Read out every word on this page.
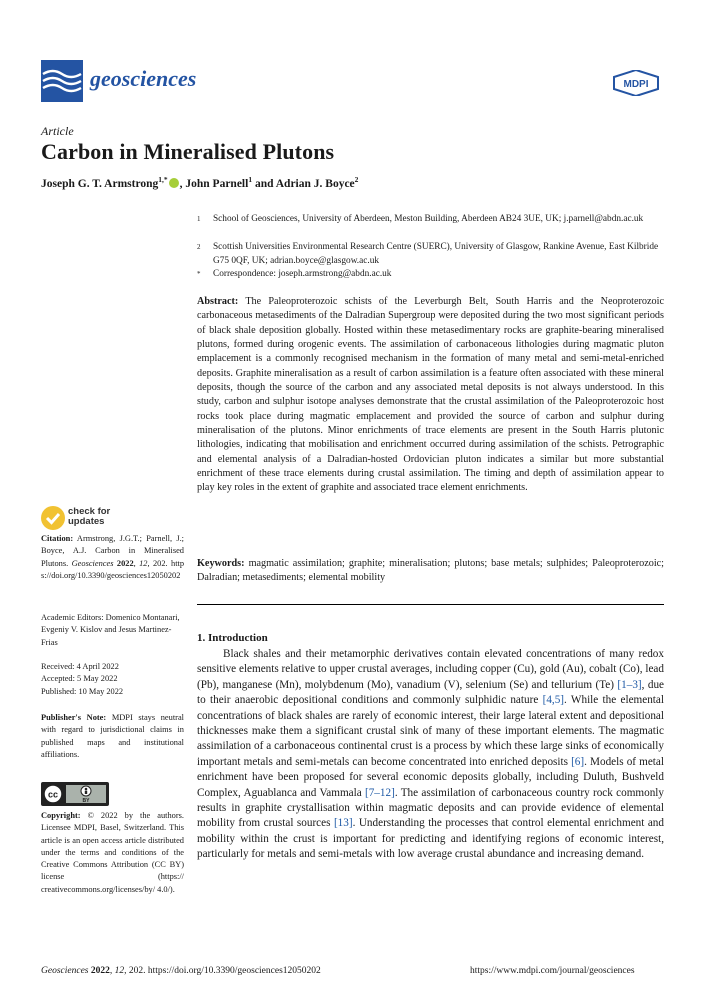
geosciences	MDPI
Article
Carbon in Mineralised Plutons
Joseph G. T. Armstrong$^{1,*}$ , John Parnell$^1$ and Adrian J. Boyce$^2$
1 School of Geosciences, University of Aberdeen, Meston Building, Aberdeen AB24 3UE, UK; j.parnell@abdn.ac.uk
2 Scottish Universities Environmental Research Centre (SUERC), University of Glasgow, Rankine Avenue, East Kilbride G75 0QF, UK; adrian.boyce@glasgow.ac.uk
* Correspondence: joseph.armstrong@abdn.ac.uk
Abstract: The Paleoproterozoic schists of the Leverburgh Belt, South Harris and the Neoproterozoic carbonaceous metasediments of the Dalradian Supergroup were deposited during the two most significant periods of black shale deposition globally. Hosted within these metasedimentary rocks are graphite-bearing mineralised plutons, formed during orogenic events. The assimilation of carbonaceous lithologies during magmatic pluton emplacement is a commonly recognised mechanism in the formation of many metal and semi-metal-enriched deposits. Graphite mineralisation as a result of carbon assimilation is a feature often associated with these mineral deposits, though the source of the carbon and any associated metal deposits is not always understood. In this study, carbon and sulphur isotope analyses demonstrate that the crustal assimilation of the Paleoproterozoic host rocks took place during magmatic emplacement and provided the source of carbon and sulphur during mineralisation of the plutons. Minor enrichments of trace elements are present in the South Harris plutonic lithologies, indicating that mobilisation and enrichment occurred during assimilation of the schists. Petrographic and elemental analysis of a Dalradian-hosted Ordovician pluton indicates a similar but more substantial enrichment of these trace elements during crustal assimilation. The timing and depth of assimilation appear to play key roles in the extent of graphite and associated trace element enrichments.
Keywords: magmatic assimilation; graphite; mineralisation; plutons; base metals; sulphides; Paleoproterozoic; Dalradian; metasediments; elemental mobility
1. Introduction
Black shales and their metamorphic derivatives contain elevated concentrations of many redox sensitive elements relative to upper crustal averages, including copper (Cu), gold (Au), cobalt (Co), lead (Pb), manganese (Mn), molybdenum (Mo), vanadium (V), selenium (Se) and tellurium (Te) [1–3], due to their anaerobic depositional conditions and commonly sulphidic nature [4,5]. While the elemental concentrations of black shales are rarely of economic interest, their large lateral extent and depositional thicknesses make them a significant crustal sink of many of these important elements. The magmatic assimilation of a carbonaceous continental crust is a process by which these large sinks of economically important metals and semi-metals can become concentrated into enriched deposits [6]. Models of metal enrichment have been proposed for several economic deposits globally, including Duluth, Bushveld Complex, Aguablanca and Vammala [7–12]. The assimilation of carbonaceous country rock commonly results in graphite crystallisation within magmatic deposits and can provide evidence of elemental mobility from crustal sources [13]. Understanding the processes that control elemental enrichment and mobility within the crust is important for predicting and identifying regions of economic interest, particularly for metals and semi-metals with low average crustal abundance and increasing demand.
check for updates
Citation: Armstrong, J.G.T.; Parnell, J.; Boyce, A.J. Carbon in Mineralised Plutons. Geosciences 2022, 12, 202. https://doi.org/10.3390/geosciences12050202
Academic Editors: Domenico Montanari, Evgeniy V. Kislov and Jesus Martinez-Frias
Received: 4 April 2022
Accepted: 5 May 2022
Published: 10 May 2022
Publisher's Note: MDPI stays neutral with regard to jurisdictional claims in published maps and institutional affiliations.
cc
BY
Copyright: © 2022 by the authors. Licensee MDPI, Basel, Switzerland. This article is an open access article distributed under the terms and conditions of the Creative Commons Attribution (CC BY) license (https:// creativecommons.org/licenses/by/ 4.0/).
Geosciences 2022, 12, 202. https://doi.org/10.3390/geosciences12050202	https://www.mdpi.com/journal/geosciences
